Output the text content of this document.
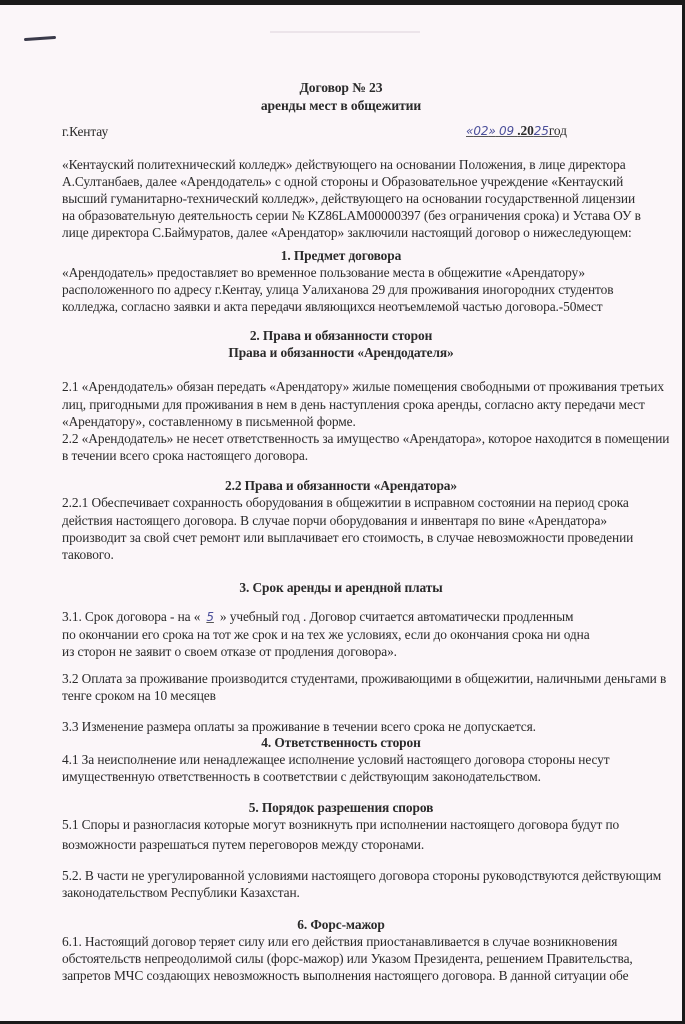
Договор № 23
аренды мест в общежитии
г.Кентау	«02» 09 .2025год
«Кентауский политехнический колледж» действующего на основании Положения, в лице директора
А.Султанбаев, далее «Арендодатель» с одной стороны и Образовательное учреждение «Кентауский
высший гуманитарно-технический колледж», действующего на основании государственной лицензии
на образовательную деятельность серии № KZ86LAM00000397 (без ограничения срока) и Устава ОУ в
лице директора С.Баймуратов, далее «Арендатор» заключили настоящий договор о нижеследующем:
1. Предмет договора
«Арендодатель» предоставляет во временное пользование места в общежитие «Арендатору»
расположенного по адресу г.Кентау, улица Уалиханова 29 для проживания иногородних студентов
колледжа, согласно заявки и акта передачи являющихся неотъемлемой частью договора.-50мест
2. Права и обязанности сторон
Права и обязанности «Арендодателя»
2.1 «Арендодатель» обязан передать «Арендатору» жилые помещения свободными от проживания третьих
лиц, пригодными для проживания в нем в день наступления срока аренды, согласно акту передачи мест
«Арендатору», составленному в письменной форме.
2.2 «Арендодатель» не несет ответственность за имущество «Арендатора», которое находится в помещении
в течении всего срока настоящего договора.
2.2 Права и обязанности «Арендатора»
2.2.1 Обеспечивает сохранность оборудования в общежитии в исправном состоянии на период срока
действия настоящего договора. В случае порчи оборудования и инвентаря по вине «Арендатора»
производит за свой счет ремонт или выплачивает его стоимость, в случае невозможности проведении
такового.
3. Срок аренды и арендной платы
3.1. Срок договора - на « 5 » учебный год . Договор считается автоматически продленным
по окончании его срока на тот же срок и на тех же условиях, если до окончания срока ни одна
из сторон не заявит о своем отказе от продления договора».
3.2 Оплата за проживание производится студентами, проживающими в общежитии, наличными деньгами в
тенге сроком на 10 месяцев
3.3 Изменение размера оплаты за проживание в течении всего срока не допускается.
4. Ответственность сторон
4.1 За неисполнение или ненадлежащее исполнение условий настоящего договора стороны несут
имущественную ответственность в соответствии с действующим законодательством.
5. Порядок разрешения споров
5.1 Споры и разногласия которые могут возникнуть при исполнении настоящего договора будут по
возможности разрешаться путем переговоров между сторонами.
5.2. В части не урегулированной условиями настоящего договора стороны руководствуются действующим
законодательством Республики Казахстан.
6. Форс-мажор
6.1. Настоящий договор теряет силу или его действия приостанавливается в случае возникновения
обстоятельств непреодолимой силы (форс-мажор) или Указом Президента, решением Правительства,
запретов МЧС создающих невозможность выполнения настоящего договора. В данной ситуации обе
